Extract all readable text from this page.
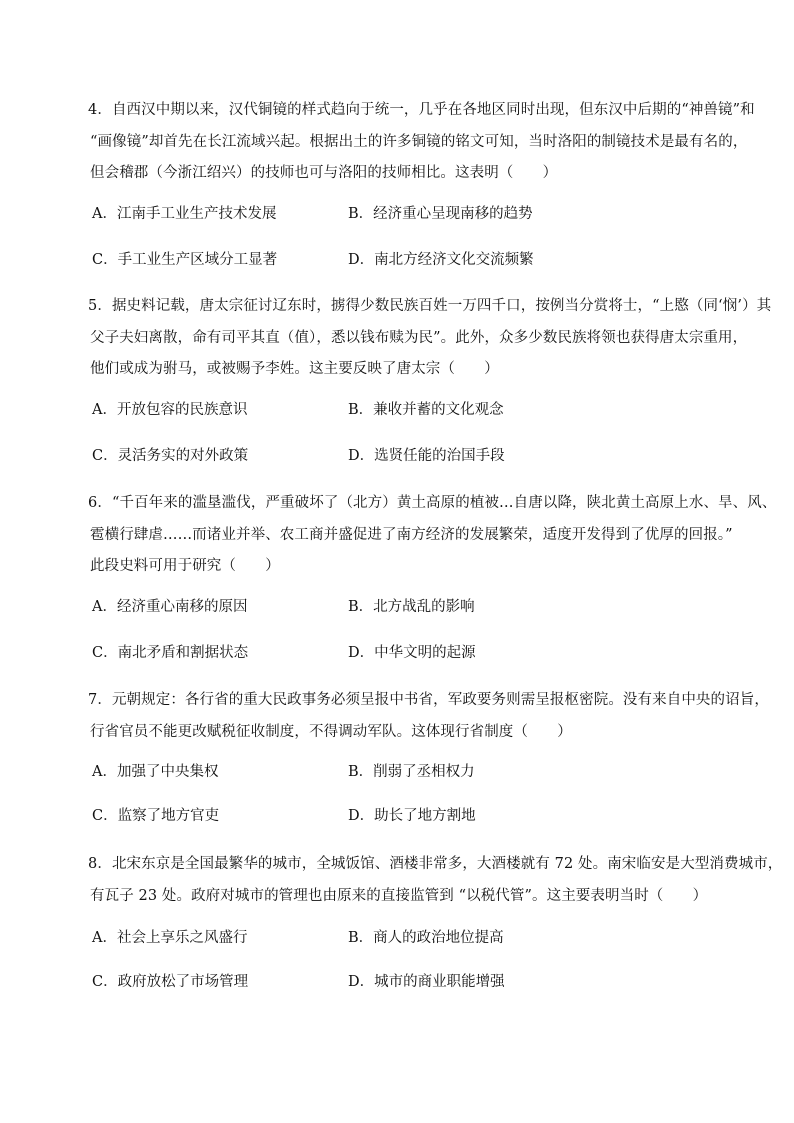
4．自西汉中期以来，汉代铜镜的样式趋向于统一，几乎在各地区同时出现，但东汉中后期的“神兽镜”和
“画像镜”却首先在长江流域兴起。根据出土的许多铜镜的铭文可知，当时洛阳的制镜技术是最有名的，
但会稽郡（今浙江绍兴）的技师也可与洛阳的技师相比。这表明（　　）
A．江南手工业生产技术发展	B．经济重心呈现南移的趋势
C．手工业生产区域分工显著	D．南北方经济文化交流频繁
5．据史料记载，唐太宗征讨辽东时，掳得少数民族百姓一万四千口，按例当分赏将士，“上愍（同‘悯’）其
父子夫妇离散，命有司平其直（值），悉以钱布赎为民”。此外，众多少数民族将领也获得唐太宗重用，
他们或成为驸马，或被赐予李姓。这主要反映了唐太宗（　　）
A．开放包容的民族意识	B．兼收并蓄的文化观念
C．灵活务实的对外政策	D．选贤任能的治国手段
6．“千百年来的滥垦滥伐，严重破坏了（北方）黄土高原的植被…自唐以降，陕北黄土高原上水、旱、风、
雹横行肆虐……而诸业并举、农工商并盛促进了南方经济的发展繁荣，适度开发得到了优厚的回报。”
此段史料可用于研究（　　）
A．经济重心南移的原因	B．北方战乱的影响
C．南北矛盾和割据状态	D．中华文明的起源
7．元朝规定：各行省的重大民政事务必须呈报中书省，军政要务则需呈报枢密院。没有来自中央的诏旨，
行省官员不能更改赋税征收制度，不得调动军队。这体现行省制度（　　）
A．加强了中央集权	B．削弱了丞相权力
C．监察了地方官吏	D．助长了地方割地
8．北宋东京是全国最繁华的城市，全城饭馆、酒楼非常多，大酒楼就有 72 处。南宋临安是大型消费城市，
有瓦子 23 处。政府对城市的管理也由原来的直接监管到 “以税代管”。这主要表明当时（　　）
A．社会上享乐之风盛行	B．商人的政治地位提高
C．政府放松了市场管理	D．城市的商业职能增强
